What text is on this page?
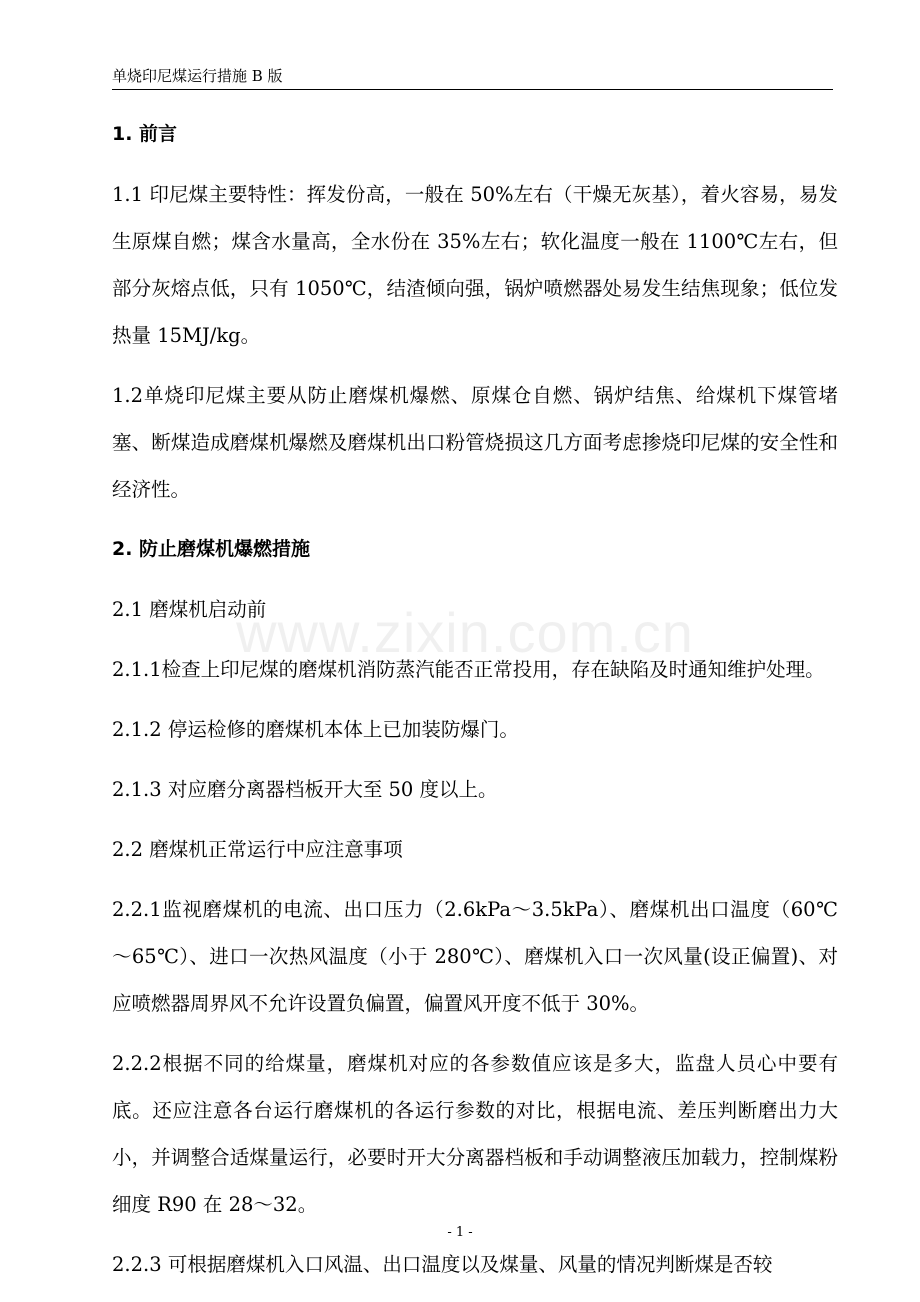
单烧印尼煤运行措施 B 版
www.zixin.com.cn

1. 前言

1.1 印尼煤主要特性：挥发份高，一般在 50%左右（干燥无灰基），着火容易，易发生原煤自燃；煤含水量高，全水份在 35%左右；软化温度一般在 1100℃左右，但部分灰熔点低，只有 1050℃，结渣倾向强，锅炉喷燃器处易发生结焦现象；低位发热量 15MJ/kg。

1.2单烧印尼煤主要从防止磨煤机爆燃、原煤仓自燃、锅炉结焦、给煤机下煤管堵塞、断煤造成磨煤机爆燃及磨煤机出口粉管烧损这几方面考虑掺烧印尼煤的安全性和经济性。

2. 防止磨煤机爆燃措施

2.1 磨煤机启动前

2.1.1检查上印尼煤的磨煤机消防蒸汽能否正常投用，存在缺陷及时通知维护处理。

2.1.2 停运检修的磨煤机本体上已加装防爆门。

2.1.3 对应磨分离器档板开大至 50 度以上。

2.2 磨煤机正常运行中应注意事项

2.2.1监视磨煤机的电流、出口压力（2.6kPa～3.5kPa）、磨煤机出口温度（60℃～65℃）、进口一次热风温度（小于 280℃）、磨煤机入口一次风量(设正偏置)、对应喷燃器周界风不允许设置负偏置，偏置风开度不低于 30%。

2.2.2根据不同的给煤量，磨煤机对应的各参数值应该是多大，监盘人员心中要有底。还应注意各台运行磨煤机的各运行参数的对比，根据电流、差压判断磨出力大小，并调整合适煤量运行，必要时开大分离器档板和手动调整液压加载力，控制煤粉细度 R90 在 28～32。

2.2.3 可根据磨煤机入口风温、出口温度以及煤量、风量的情况判断煤是否较

- 1 -
